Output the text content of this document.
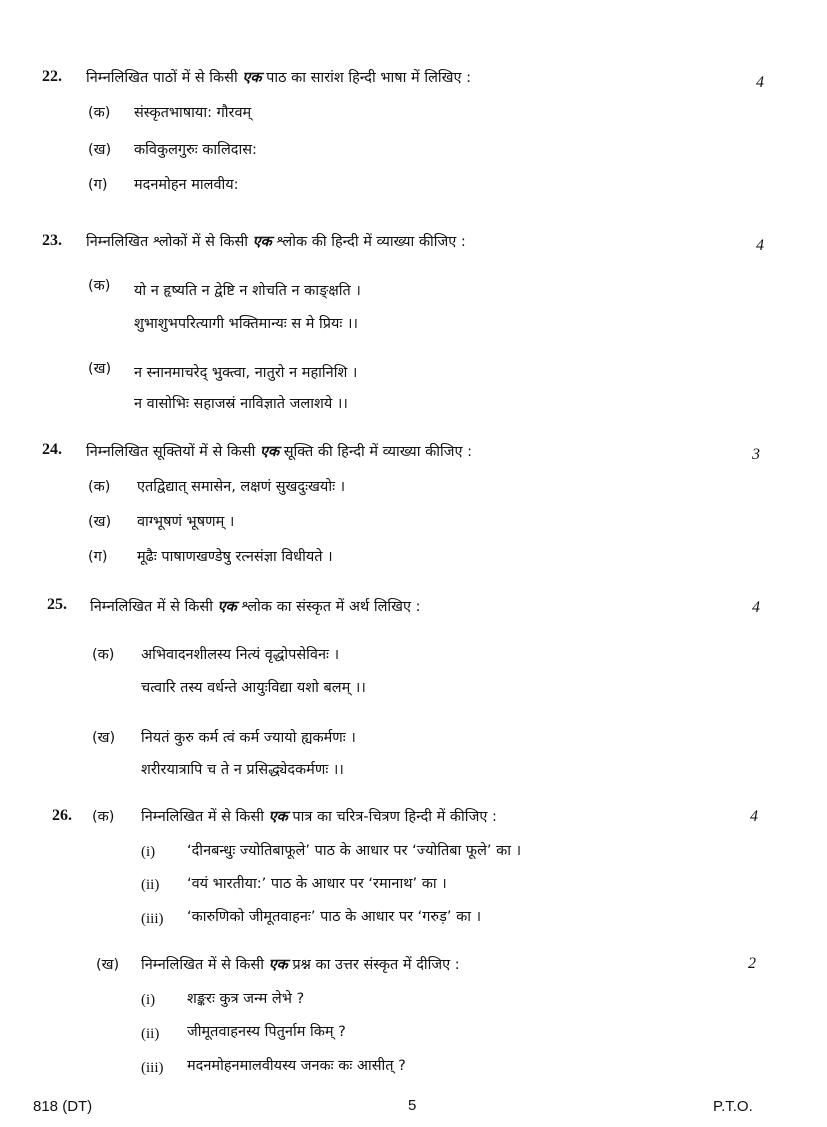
22. निम्नलिखित पाठों में से किसी एक पाठ का सारांश हिन्दी भाषा में लिखिए :	4
(क) संस्कृतभाषाया: गौरवम्
(ख) कविकुलगुरुः कालिदास:
(ग) मदनमोहन मालवीय:
23. निम्नलिखित श्लोकों में से किसी एक श्लोक की हिन्दी में व्याख्या कीजिए :	4
(क) यो न हृष्यति न द्वेष्टि न शोचति न काङ्क्षति ।
शुभाशुभपरित्यागी भक्तिमान्यः स मे प्रियः ।।
(ख) न स्नानमाचरेद् भुक्त्वा, नातुरो न महानिशि ।
न वासोभिः सहाजस्रं नाविज्ञाते जलाशये ।।
24. निम्नलिखित सूक्तियों में से किसी एक सूक्ति की हिन्दी में व्याख्या कीजिए :	3
(क) एतद्विद्यात् समासेन, लक्षणं सुखदुःखयोः ।
(ख) वाग्भूषणं भूषणम् ।
(ग) मूढैः पाषाणखण्डेषु रत्नसंज्ञा विधीयते ।
25. निम्नलिखित में से किसी एक श्लोक का संस्कृत में अर्थ लिखिए :	4
(क) अभिवादनशीलस्य नित्यं वृद्धोपसेविनः ।
चत्वारि तस्य वर्धन्ते आयुःविद्या यशो बलम् ।।
(ख) नियतं कुरु कर्म त्वं कर्म ज्यायो ह्यकर्मणः ।
शरीरयात्रापि च ते न प्रसिद्ध्येदकर्मणः ।।
26. (क) निम्नलिखित में से किसी एक पात्र का चरित्र-चित्रण हिन्दी में कीजिए :	4
(i) ‘दीनबन्धुः ज्योतिबाफूले’ पाठ के आधार पर ‘ज्योतिबा फूले’ का ।
(ii) ‘वयं भारतीया:’ पाठ के आधार पर ‘रमानाथ’ का ।
(iii) ‘कारुणिको जीमूतवाहनः’ पाठ के आधार पर ‘गरुड़’ का ।
(ख) निम्नलिखित में से किसी एक प्रश्न का उत्तर संस्कृत में दीजिए :	2
(i) शङ्करः कुत्र जन्म लेभे ?
(ii) जीमूतवाहनस्य पितुर्नाम किम् ?
(iii) मदनमोहनमालवीयस्य जनकः कः आसीत् ?
818 (DT)	5	P.T.O.
